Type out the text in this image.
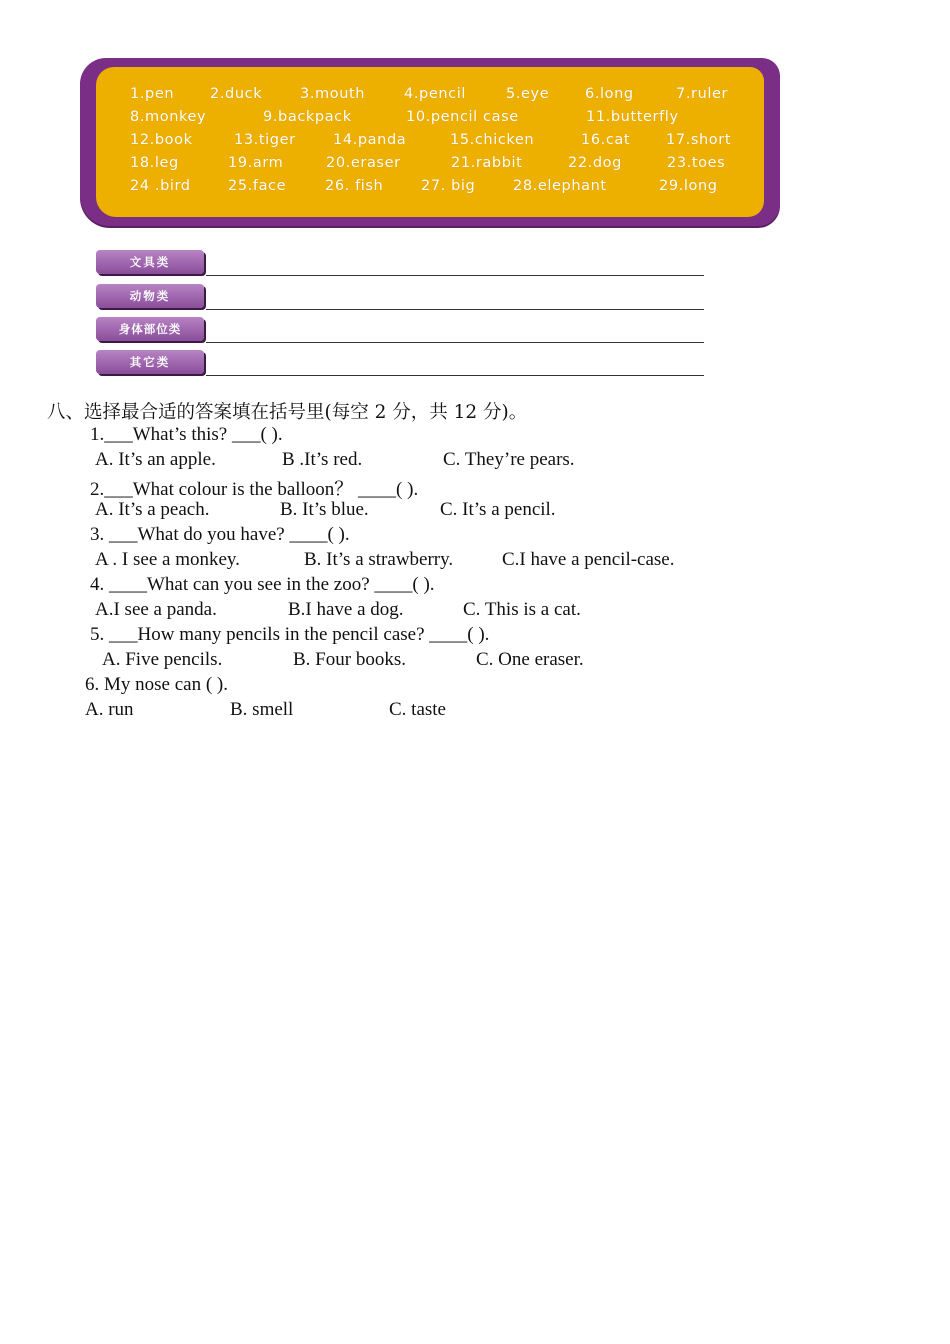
1.pen 2.duck	3.mouth	4.pencil	5.eye 6.long	7.ruler
8.monkey	9.backpack	10.pencil case	11.butterfly
12.book	13.tiger	14.panda	15.chicken	16.cat 17.short
18.leg	19.arm	20.eraser	21.rabbit	22.dog	23.toes
24 .bird	25.face	26. fish	27. big	28.elephant	29.long
文具类
动物类
身体部位类
其它类
八、选择最合适的答案填在括号里(每空 2 分，共 12 分)。
1.___What’s this? ___( ).
A. It’s an apple.	B .It’s red.	C. They’re pears.
2.___What colour is the balloon？ ____( ).
A. It’s a peach.	B. It’s blue.	C. It’s a pencil.
3. ___What do you have? ____( ).
A . I see a monkey.	B. It’s a strawberry.	C.I have a pencil-case.
4. ____What can you see in the zoo? ____( ).
A.I see a panda.	B.I have a dog.	C. This is a cat.
5. ___How many pencils in the pencil case? ____( ).
A. Five pencils.	B. Four books.	C. One eraser.
6. My nose can ( ).
A. run	B. smell	C. taste
